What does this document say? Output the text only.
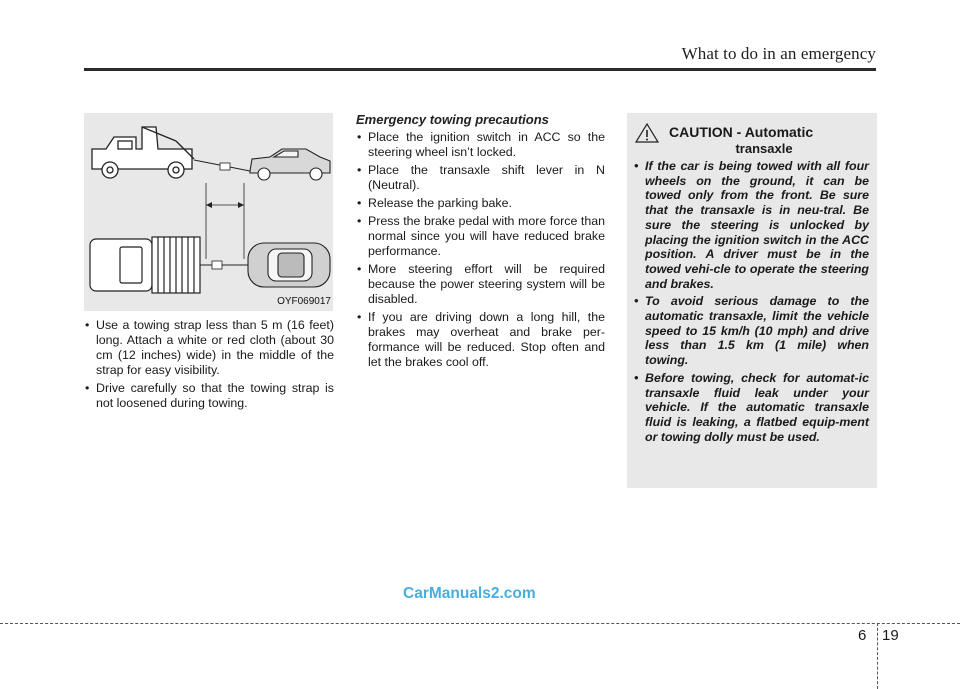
What to do in an emergency
OYF069017
• Use a towing strap less than 5 m (16 feet) long. Attach a white or red cloth (about 30 cm (12 inches) wide) in the middle of the strap for easy visibility.
• Drive carefully so that the towing strap is not loosened during towing.
Emergency towing precautions
• Place the ignition switch in ACC so the steering wheel isn’t locked.
• Place the transaxle shift lever in N (Neutral).
• Release the parking bake.
• Press the brake pedal with more force than normal since you will have reduced brake performance.
• More steering effort will be required because the power steering system will be disabled.
• If you are driving down a long hill, the brakes may overheat and brake per-formance will be reduced. Stop often and let the brakes cool off.
CAUTION - Automatic
transaxle
• If the car is being towed with all four wheels on the ground, it can be towed only from the front. Be sure that the transaxle is in neu-tral. Be sure the steering is unlocked by placing the ignition switch in the ACC position. A driver must be in the towed vehi-cle to operate the steering and brakes.
• To avoid serious damage to the automatic transaxle, limit the vehicle speed to 15 km/h (10 mph) and drive less than 1.5 km (1 mile) when towing.
• Before towing, check for automat-ic transaxle fluid leak under your vehicle. If the automatic transaxle fluid is leaking, a flatbed equip-ment or towing dolly must be used.
CarManuals2.com
6 19
